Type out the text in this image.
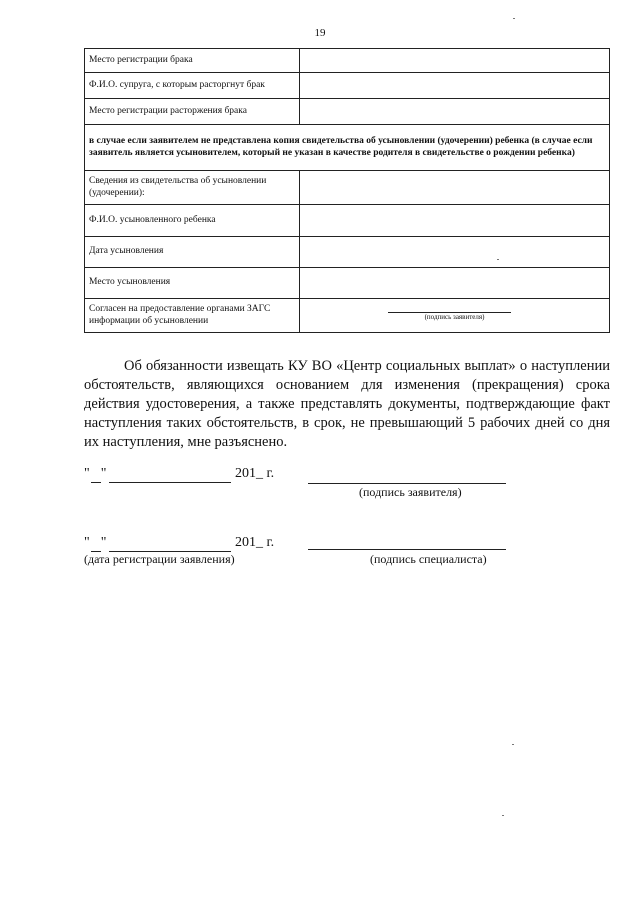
19
Место регистрации брака	
Ф.И.О. супруга, с которым расторгнут брак	
Место регистрации расторжения брака	
в случае если заявителем не представлена копия свидетельства об усыновлении (удочерении) ребенка (в случае если заявитель является усыновителем, который не указан в качестве родителя в свидетельстве о рождении ребенка)	
Сведения из свидетельства об усыновлении (удочерении):	
Ф.И.О. усыновленного ребенка	
Дата усыновления	
Место усыновления	
Согласен на предоставление органами ЗАГС информации об усыновлении	(подпись заявителя)
Об обязанности извещать КУ ВО «Центр социальных выплат» о наступлении обстоятельств, являющихся основанием для изменения (прекращения) срока действия удостоверения, а также представлять документы, подтверждающие факт наступления таких обстоятельств, в срок, не превышающий 5 рабочих дней со дня их наступления, мне разъяснено.
" "	201_ г.
(подпись заявителя)
" "	201_ г.
(дата регистрации заявления)	(подпись специалиста)
